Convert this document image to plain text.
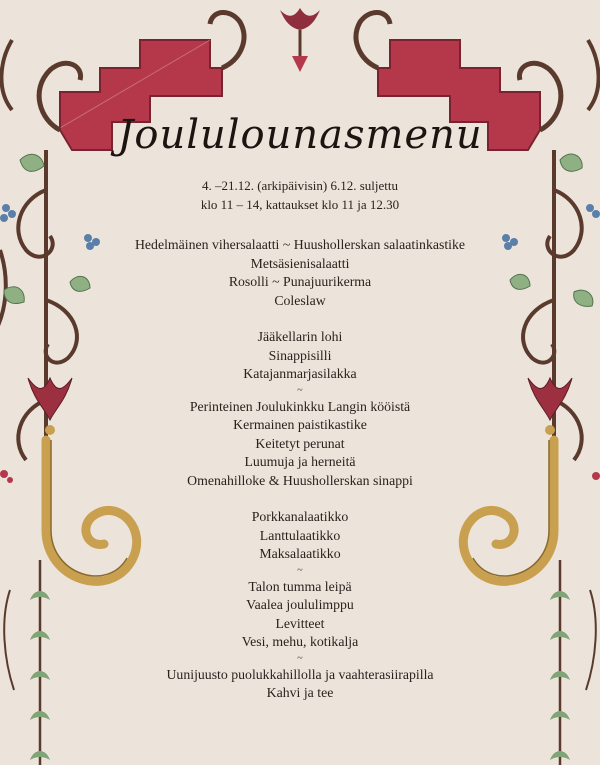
Joululounasmenu
4. –21.12. (arkipäivisin) 6.12. suljettu
klo 11 – 14, kattaukset klo 11 ja 12.30
Hedelmäinen vihersalaatti ~ Huushollerskan salaatinkastike
Metsäsienisalaatti
Rosolli ~ Punajuurikerma
Coleslaw
Jääkellarin lohi
Sinappisilli
Katajanmarjasilakka
~
Perinteinen Joulukinkku Langin kööistä
Kermainen paistikastike
Keitetyt perunat
Luumuja ja herneitä
Omenahilloke & Huushollerskan sinappi
Porkkanalaatikko
Lanttulaatikko
Maksalaatikko
~
Talon tumma leipä
Vaalea joululimppu
Levitteet
Vesi, mehu, kotikalja
~
Uunijuusto puolukkahillolla ja vaahterasiirapilla
Kahvi ja tee
